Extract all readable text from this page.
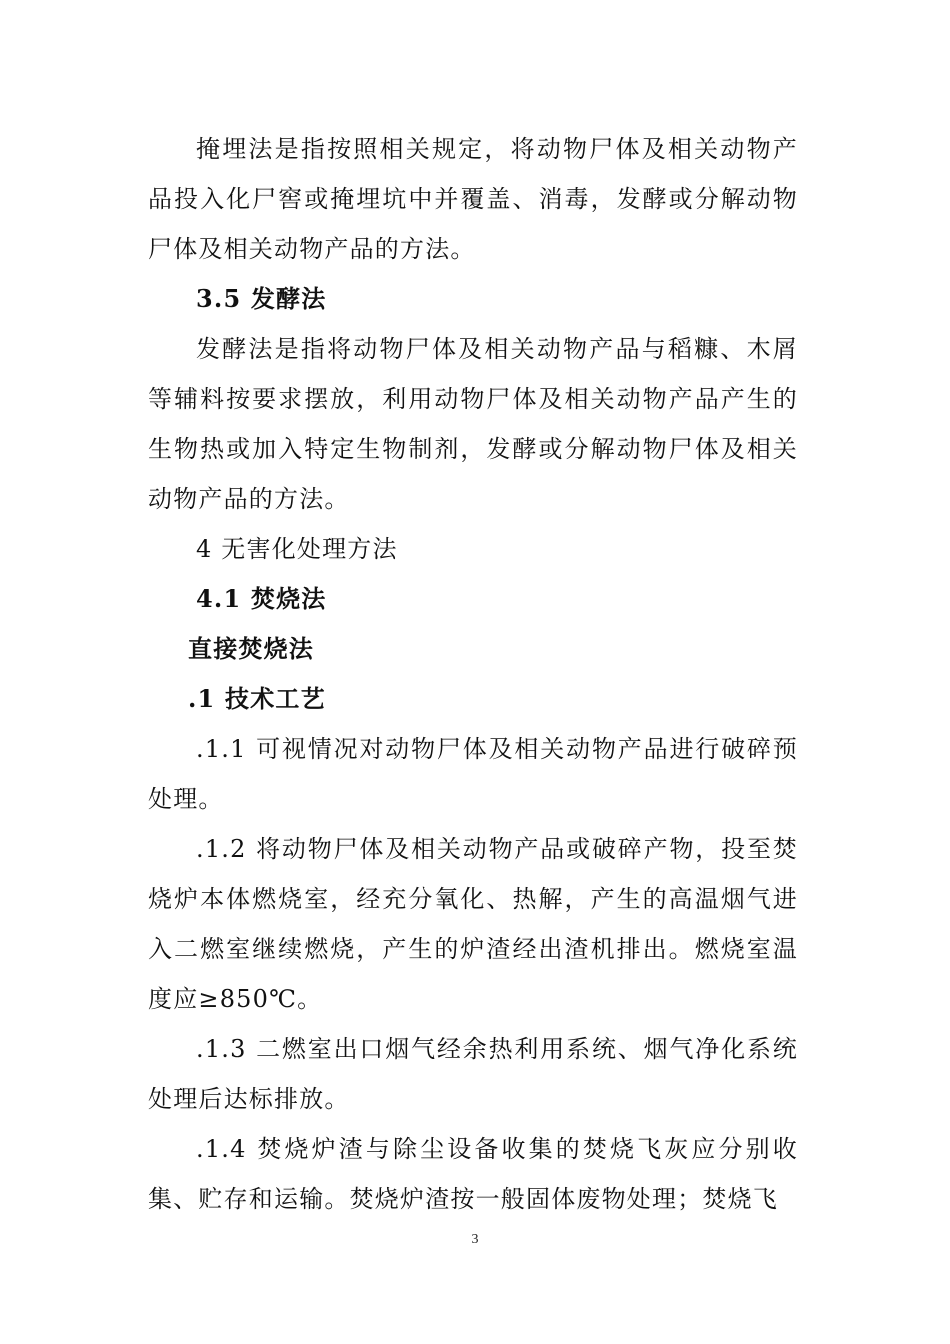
掩埋法是指按照相关规定，将动物尸体及相关动物产品投入化尸窖或掩埋坑中并覆盖、消毒，发酵或分解动物尸体及相关动物产品的方法。

3.5 发酵法

发酵法是指将动物尸体及相关动物产品与稻糠、木屑等辅料按要求摆放，利用动物尸体及相关动物产品产生的生物热或加入特定生物制剂，发酵或分解动物尸体及相关动物产品的方法。

4 无害化处理方法

4.1 焚烧法

直接焚烧法

.1 技术工艺

.1.1 可视情况对动物尸体及相关动物产品进行破碎预处理。

.1.2 将动物尸体及相关动物产品或破碎产物，投至焚烧炉本体燃烧室，经充分氧化、热解，产生的高温烟气进入二燃室继续燃烧，产生的炉渣经出渣机排出。燃烧室温度应≥850℃。

.1.3 二燃室出口烟气经余热利用系统、烟气净化系统处理后达标排放。

.1.4 焚烧炉渣与除尘设备收集的焚烧飞灰应分别收集、贮存和运输。焚烧炉渣按一般固体废物处理；焚烧飞

3
